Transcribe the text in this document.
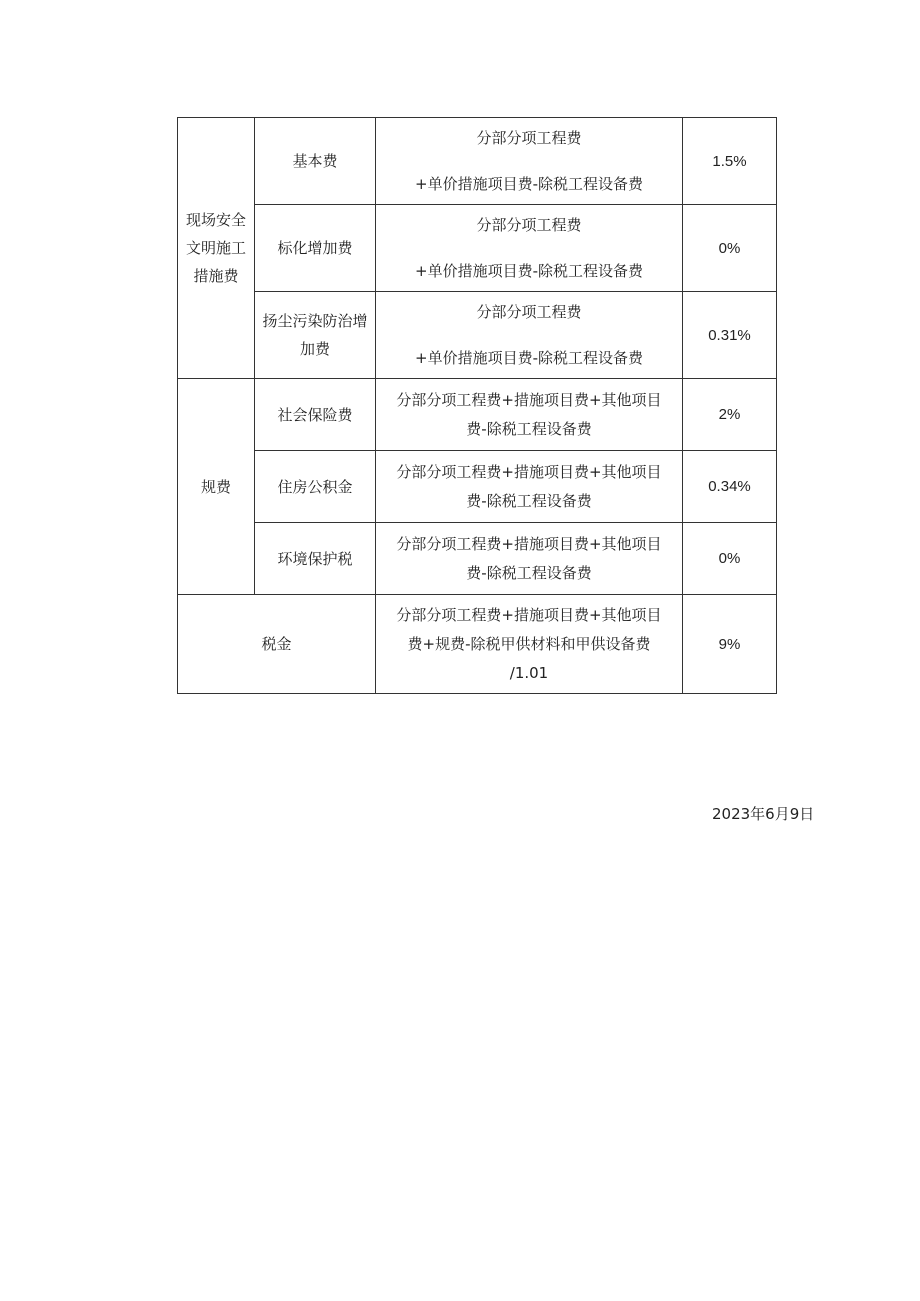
现场安全
文明施工
措施费	基本费	分部分项工程费
+单价措施项目费-除税工程设备费	1.5%

	标化增加费	分部分项工程费
+单价措施项目费-除税工程设备费	0%

	扬尘污染防治增
加费	分部分项工程费
+单价措施项目费-除税工程设备费	0.31%

规费	社会保险费	分部分项工程费+措施项目费+其他项目
费-除税工程设备费	2%

	住房公积金	分部分项工程费+措施项目费+其他项目
费-除税工程设备费	0.34%

	环境保护税	分部分项工程费+措施项目费+其他项目
费-除税工程设备费	0%
税金		分部分项工程费+措施项目费+其他项目
费+规费-除税甲供材料和甲供设备费
/1.01	9%
2023年6月9日
